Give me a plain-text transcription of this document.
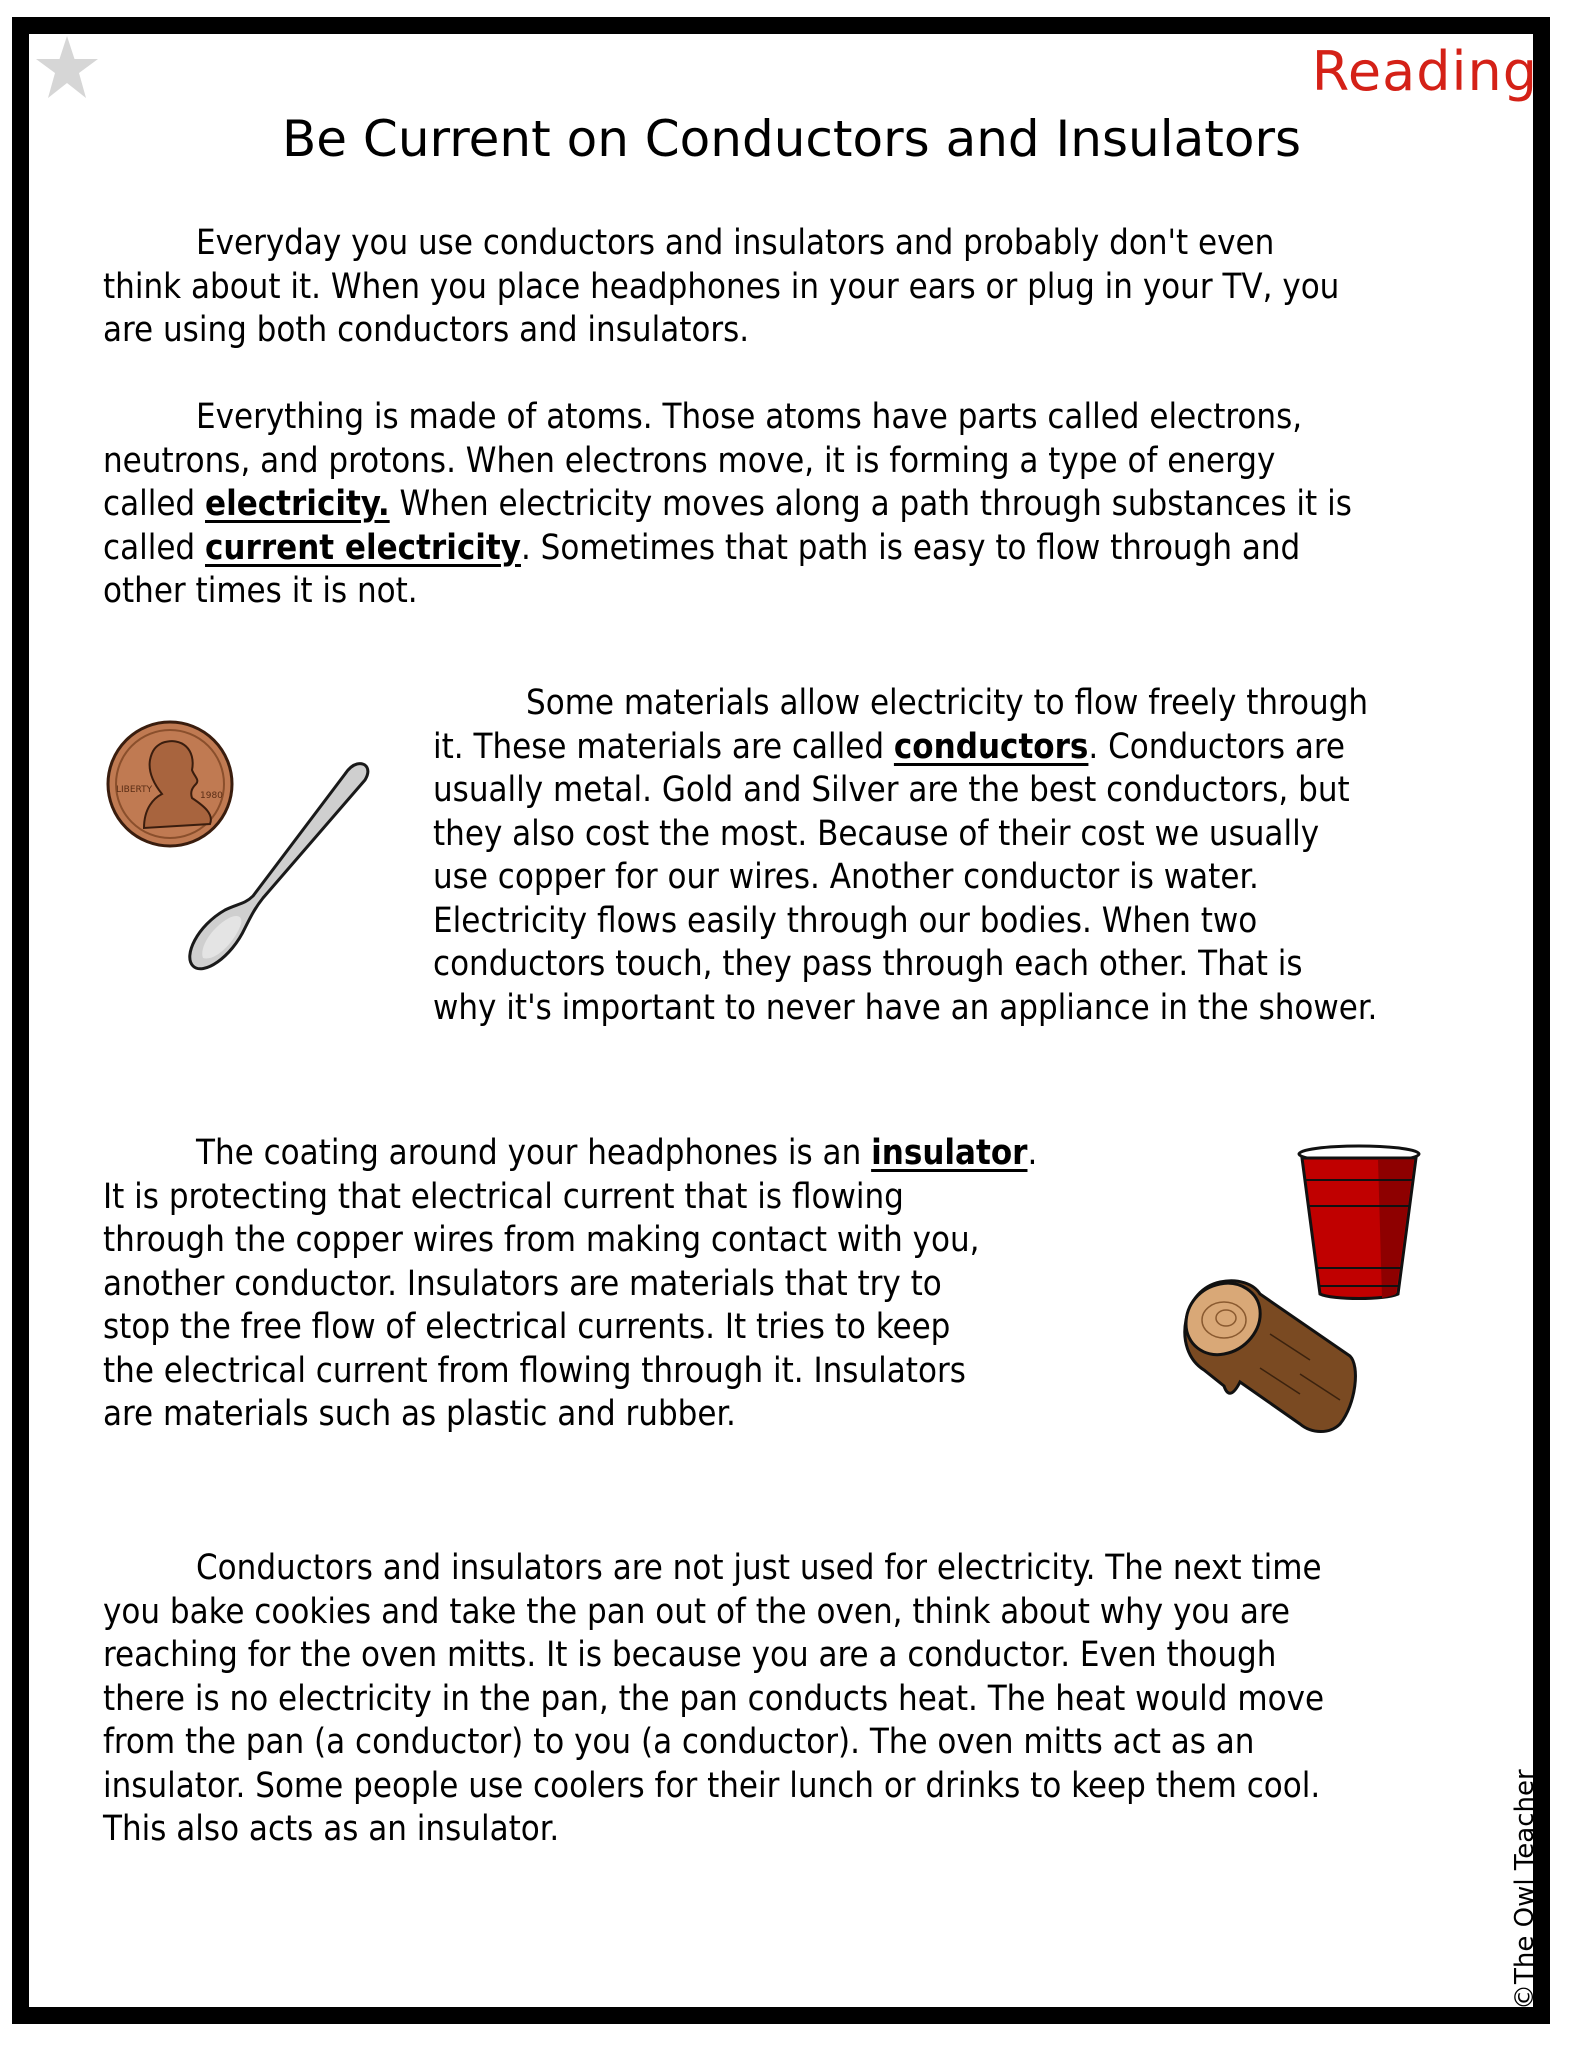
Reading
Be Current on Conductors and Insulators
Everyday you use conductors and insulators and probably don't even
think about it. When you place headphones in your ears or plug in your TV, you
are using both conductors and insulators.
Everything is made of atoms. Those atoms have parts called electrons,
neutrons, and protons. When electrons move, it is forming a type of energy
called electricity. When electricity moves along a path through substances it is
called current electricity. Sometimes that path is easy to flow through and
other times it is not.
LIBERTY
1980
Some materials allow electricity to flow freely through
it. These materials are called conductors. Conductors are
usually metal. Gold and Silver are the best conductors, but
they also cost the most. Because of their cost we usually
use copper for our wires. Another conductor is water.
Electricity flows easily through our bodies. When two
conductors touch, they pass through each other. That is
why it's important to never have an appliance in the shower.
The coating around your headphones is an insulator.
It is protecting that electrical current that is flowing
through the copper wires from making contact with you,
another conductor. Insulators are materials that try to
stop the free flow of electrical currents. It tries to keep
the electrical current from flowing through it. Insulators
are materials such as plastic and rubber.
Conductors and insulators are not just used for electricity. The next time
you bake cookies and take the pan out of the oven, think about why you are
reaching for the oven mitts. It is because you are a conductor. Even though
there is no electricity in the pan, the pan conducts heat. The heat would move
from the pan (a conductor) to you (a conductor). The oven mitts act as an
insulator. Some people use coolers for their lunch or drinks to keep them cool.
This also acts as an insulator.	©The Owl Teacher
